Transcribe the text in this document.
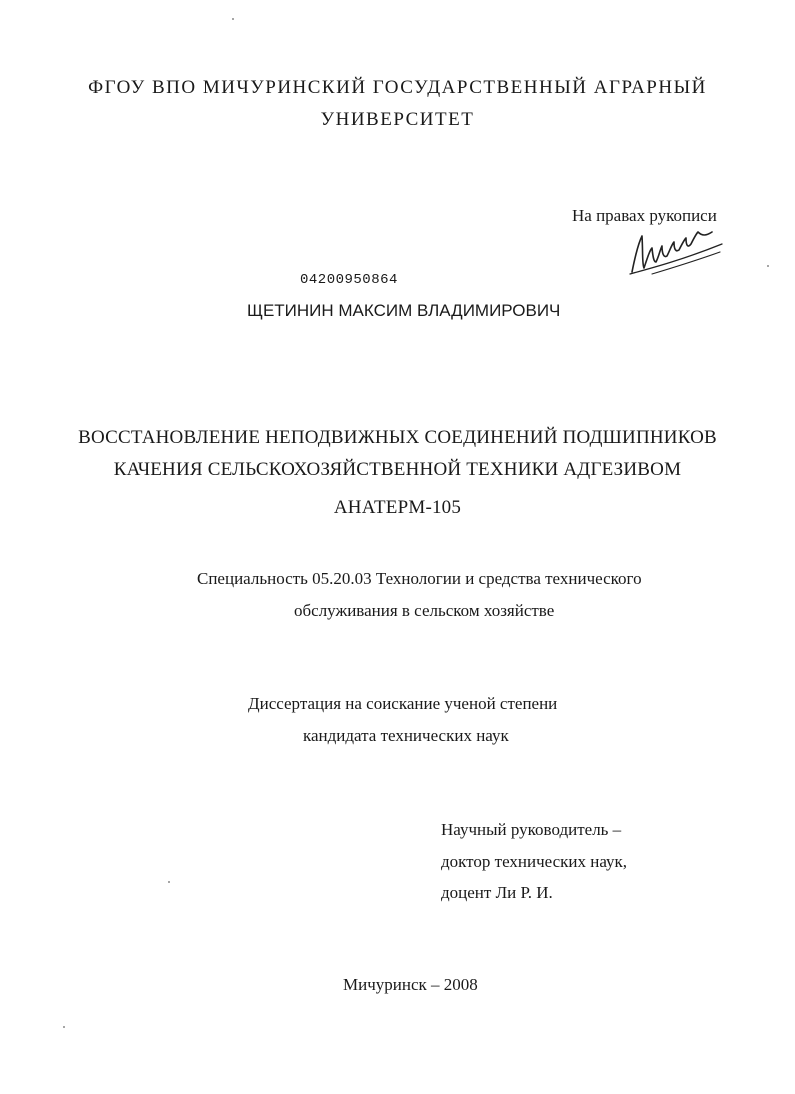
ФГОУ ВПО МИЧУРИНСКИЙ ГОСУДАРСТВЕННЫЙ АГРАРНЫЙ
УНИВЕРСИТЕТ
На правах рукописи
04200950864
ЩЕТИНИН МАКСИМ ВЛАДИМИРОВИЧ
ВОССТАНОВЛЕНИЕ НЕПОДВИЖНЫХ СОЕДИНЕНИЙ ПОДШИПНИКОВ
КАЧЕНИЯ СЕЛЬСКОХОЗЯЙСТВЕННОЙ ТЕХНИКИ АДГЕЗИВОМ
АНАТЕРМ-105
Специальность 05.20.03 Технологии и средства технического
обслуживания в сельском хозяйстве
Диссертация на соискание ученой степени
кандидата технических наук
Научный руководитель –
доктор технических наук,
доцент Ли Р. И.
Мичуринск – 2008
